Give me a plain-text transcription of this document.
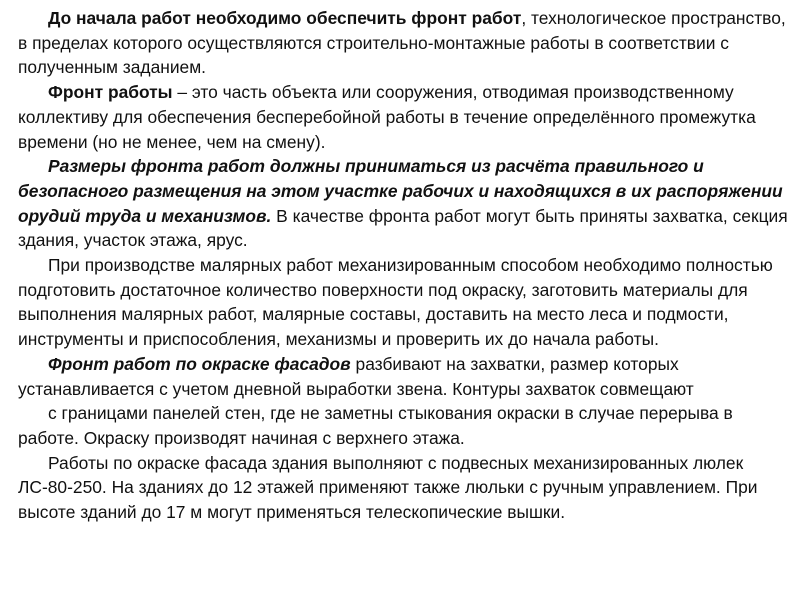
До начала работ необходимо обеспечить фронт работ, технологическое пространство, в пределах которого осуществляются строительно-монтажные работы в соответствии с полученным заданием.

Фронт работы – это часть объекта или сооружения, отводимая производственному коллективу для обеспечения бесперебойной работы в течение определённого промежутка времени (но не менее, чем на смену).

Размеры фронта работ должны приниматься из расчёта правильного и безопасного размещения на этом участке рабочих и находящихся в их распоряжении орудий труда и механизмов. В качестве фронта работ могут быть приняты захватка, секция здания, участок этажа, ярус.

При производстве малярных работ механизированным способом необходимо полностью подготовить достаточное количество поверхности под окраску, заготовить материалы для выполнения малярных работ, малярные составы, доставить на место леса и подмости, инструменты и приспособления, механизмы и проверить их до начала работы.

Фронт работ по окраске фасадов разбивают на захватки, размер которых устанавливается с учетом дневной выработки звена. Контуры захваток совмещают

с границами панелей стен, где не заметны стыкования окраски в случае перерыва в работе. Окраску производят начиная с верхнего этажа.

Работы по окраске фасада здания выполняют с подвесных механизированных люлек ЛС-80-250. На зданиях до 12 этажей применяют также люльки с ручным управлением. При высоте зданий до 17 м могут применяться телескопические вышки.
